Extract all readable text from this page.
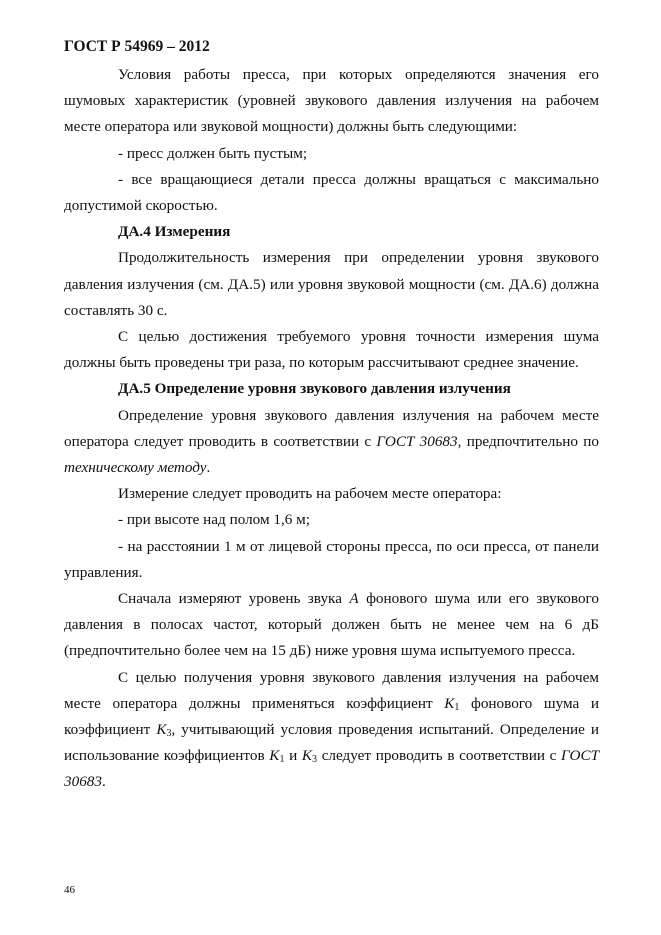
ГОСТ Р 54969 – 2012

Условия работы пресса, при которых определяются значения его шумовых характеристик (уровней звукового давления излучения на рабочем месте оператора или звуковой мощности) должны быть следующими:

- пресс должен быть пустым;

- все вращающиеся детали пресса должны вращаться с максимально допустимой скоростью.

ДА.4 Измерения

Продолжительность измерения при определении уровня звукового давления излучения (см. ДА.5) или уровня звуковой мощности (см. ДА.6) должна составлять 30 с.

С целью достижения требуемого уровня точности измерения шума должны быть проведены три раза, по которым рассчитывают среднее значение.

ДА.5 Определение уровня звукового давления излучения

Определение уровня звукового давления излучения на рабочем месте оператора следует проводить в соответствии с ГОСТ 30683, предпочтительно по техническому методу.

Измерение следует проводить на рабочем месте оператора:

- при высоте над полом 1,6 м;

- на расстоянии 1 м от лицевой стороны пресса, по оси пресса, от панели управления.

Сначала измеряют уровень звука А фонового шума или его звукового давления в полосах частот, который должен быть не менее чем на 6 дБ (предпочтительно более чем на 15 дБ) ниже уровня шума испытуемого пресса.

С целью получения уровня звукового давления излучения на рабочем месте оператора должны применяться коэффициент $K_1$ фонового шума и коэффициент $K_3$, учитывающий условия проведения испытаний. Определение и использование коэффициентов $K_1$ и $K_3$ следует проводить в соответствии с ГОСТ 30683.

46
